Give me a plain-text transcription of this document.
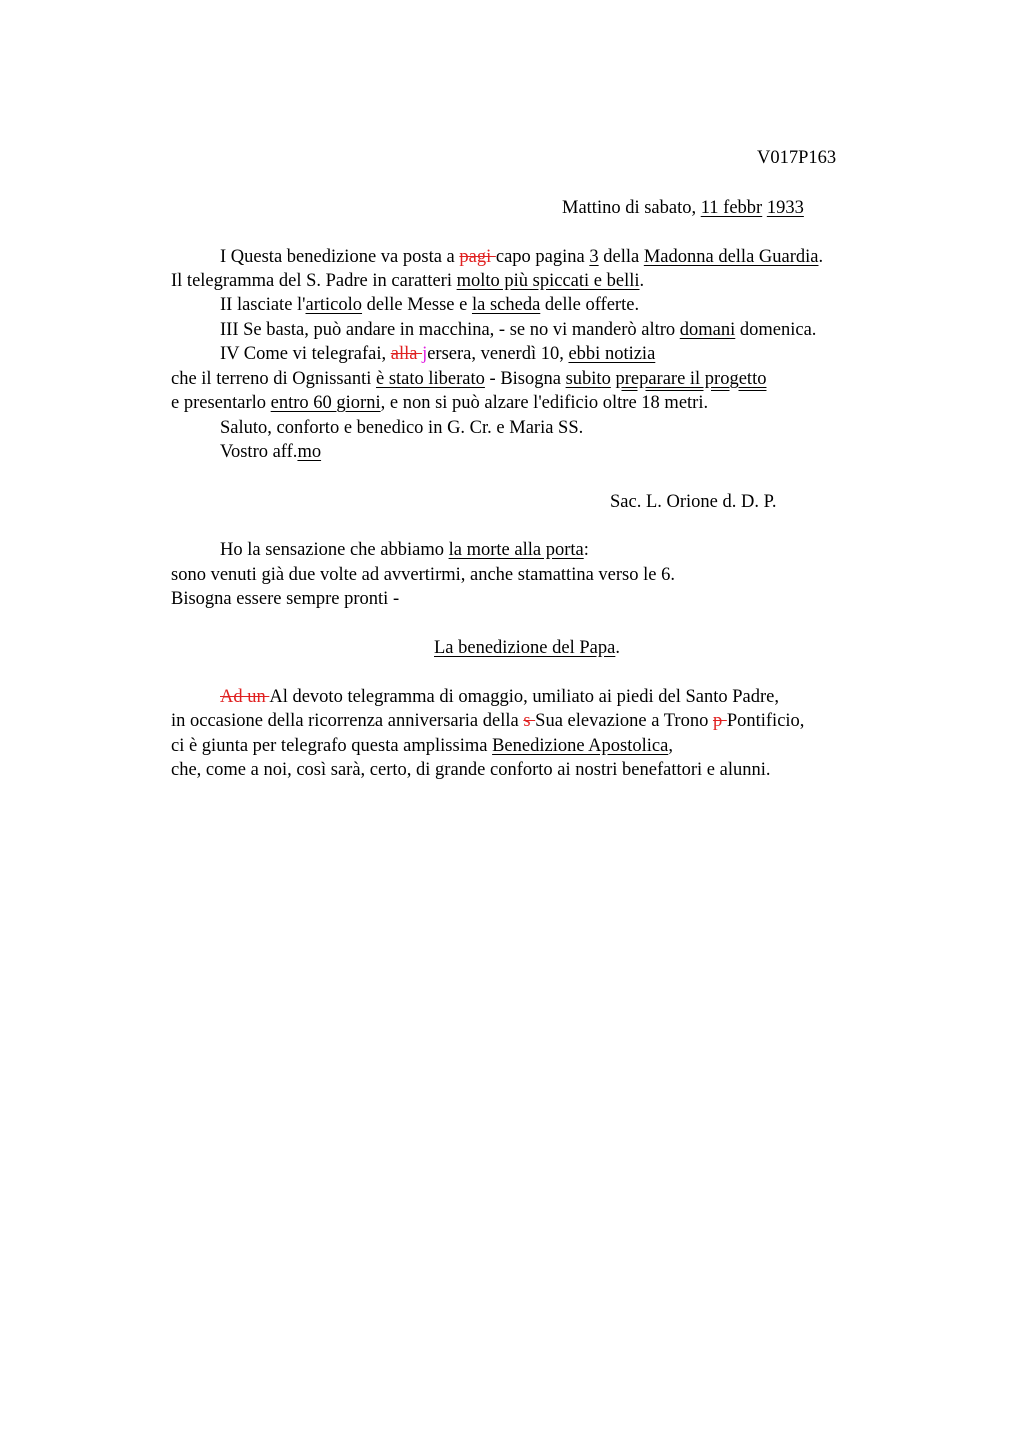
V017P163
Mattino di sabato, 11 febbr 1933
I Questa benedizione va posta a pagi capo pagina 3 della Madonna della Guardia.
Il telegramma del S. Padre in caratteri molto più spiccati e belli.
II lasciate l'articolo delle Messe e la scheda delle offerte.
III Se basta, può andare in macchina, - se no vi manderò altro domani domenica.
IV Come vi telegrafai, alla jersera, venerdì 10, ebbi notizia
che il terreno di Ognissanti è stato liberato - Bisogna subito preparare il progetto
e presentarlo entro 60 giorni, e non si può alzare l'edificio oltre 18 metri.
Saluto, conforto e benedico in G. Cr. e Maria SS.
Vostro aff.mo
Sac. L. Orione d. D. P.
Ho la sensazione che abbiamo la morte alla porta:
sono venuti già due volte ad avvertirmi, anche stamattina verso le 6.
Bisogna essere sempre pronti -
La benedizione del Papa.
Ad un Al devoto telegramma di omaggio, umiliato ai piedi del Santo Padre,
in occasione della ricorrenza anniversaria della s Sua elevazione a Trono p Pontificio,
ci è giunta per telegrafo questa amplissima Benedizione Apostolica,
che, come a noi, così sarà, certo, di grande conforto ai nostri benefattori e alunni.
